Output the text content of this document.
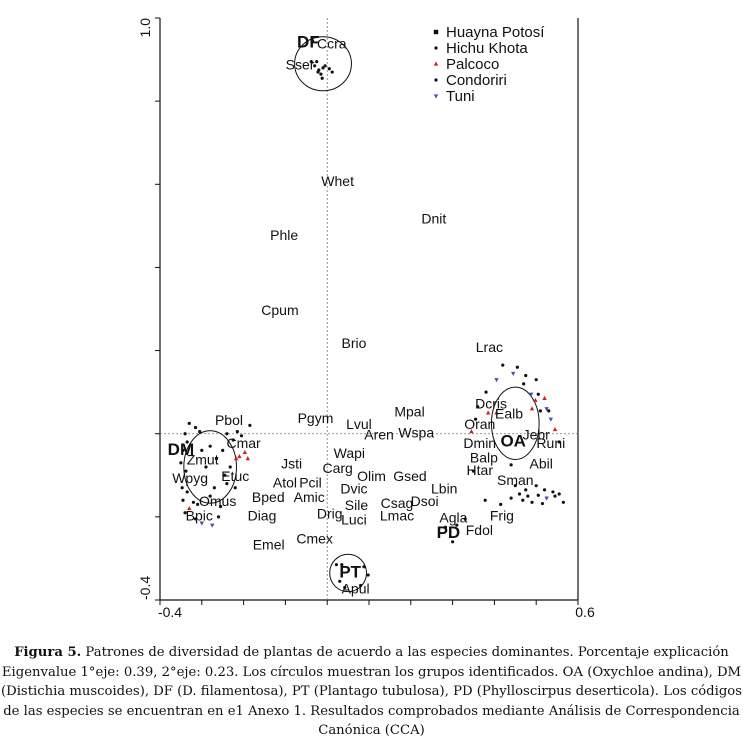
-0.4	0.6
1.0
-0.4
DF
Ccra
Sser
Whet
Dnit
Phle
Cpum
Brio	Lrac
Mpal
Dcris
Ealb
Oran
Pgym Lvul
Wspa
Aren	Jebr
Dmin OA Runi
Pbol
Cmar
DM
Zmut	Wapi	Balp Abil
Jsti Carg	Htar
Etuc
Wpyg	Olim Gsed	Sman
Atol Pcil Dvic	Lbin
Bped Amic
Omus	Csag
Dsoi
Sile
Bpic	Drig
Diag	Lmac	Frig
Luci	Agla
PD Fdol
Cmex
Emel
PT
Apul
Huayna Potosí
Hichu Khota
Palcoco
Condoriri
Tuni
Figura 5. Patrones de diversidad de plantas de acuerdo a las especies dominantes. Porcentaje explicación Eigenvalue 1°eje: 0.39, 2°eje: 0.23. Los círculos muestran los grupos identificados. OA (Oxychloe andina), DM (Distichia muscoides), DF (D. filamentosa), PT (Plantago tubulosa), PD (Phylloscirpus deserticola). Los códigos de las especies se encuentran en e1 Anexo 1. Resultados comprobados mediante Análisis de Correspondencia Canónica (CCA)
